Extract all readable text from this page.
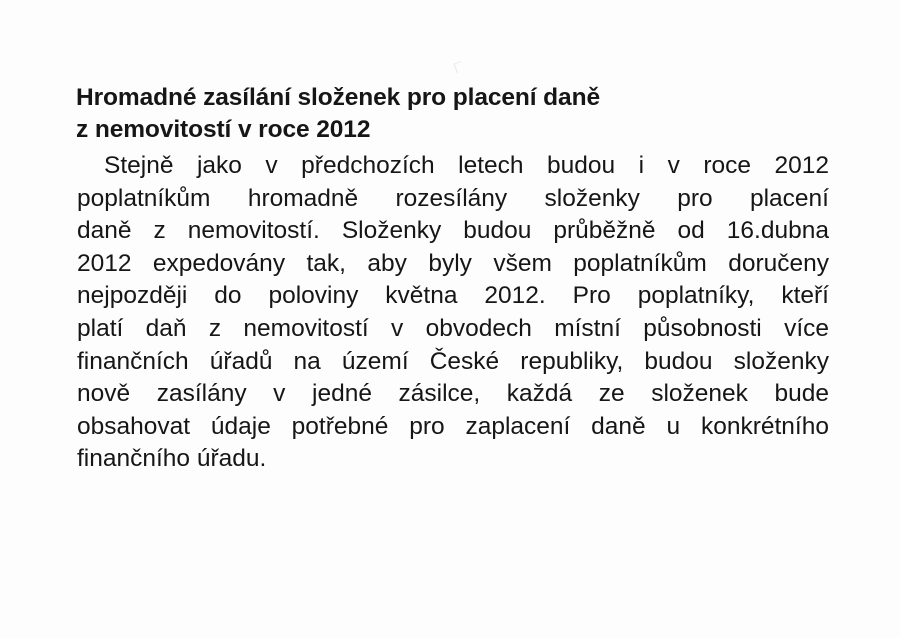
Hromadné zasílání složenek pro placení daně
z nemovitostí v roce 2012

Stejně jako v předchozích letech budou i v roce 2012
poplatníkům hromadně rozesílány složenky pro placení
daně z nemovitostí. Složenky budou průběžně od 16.dubna
2012 expedovány tak, aby byly všem poplatníkům doručeny
nejpozději do poloviny května 2012. Pro poplatníky, kteří
platí daň z nemovitostí v obvodech místní působnosti více
finančních úřadů na území České republiky, budou složenky
nově zasílány v jedné zásilce, každá ze složenek bude
obsahovat údaje potřebné pro zaplacení daně u konkrétního
finančního úřadu.
